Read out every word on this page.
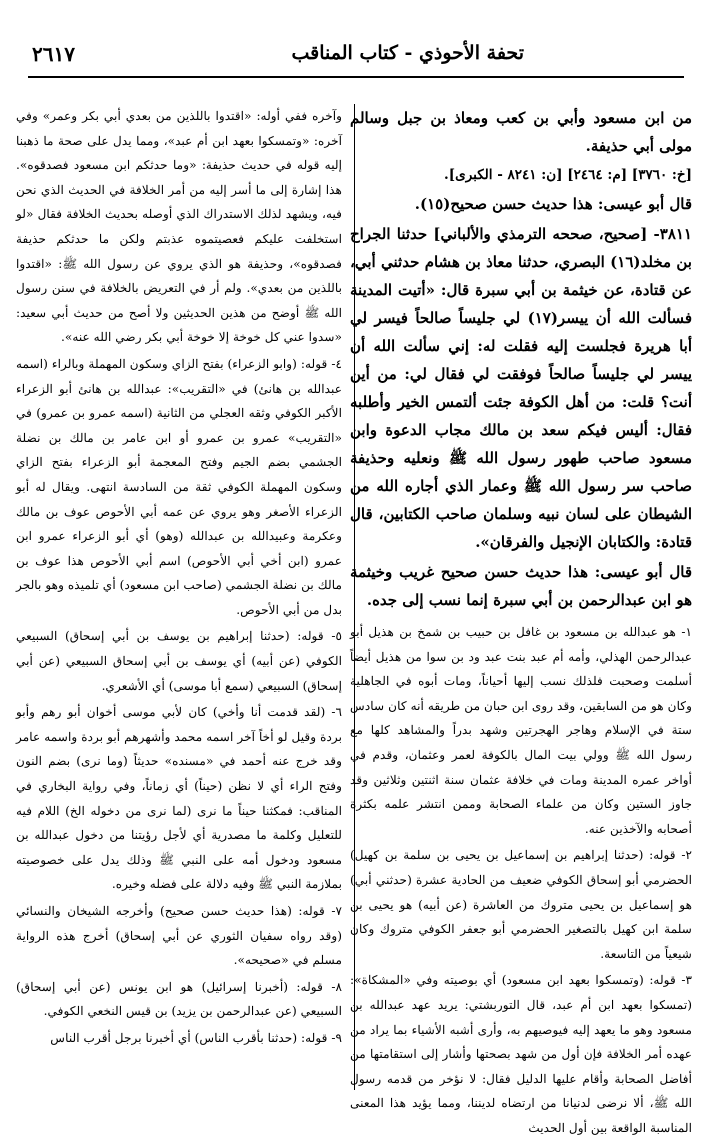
تحفة الأحوذي - كتاب المناقب
٢٦١٧

من ابن مسعود وأبي بن كعب ومعاذ بن جبل وسالم مولى أبي حذيفة.

[خ: ٣٧٦٠] [م: ٢٤٦٤] [ن: ٨٢٤١ - الكبرى].

قال أبو عيسى: هذا حديث حسن صحيح(١٥).

٣٨١١- [صحيح، صححه الترمذي والألباني] حدثنا الجراح بن مخلد(١٦) البصري، حدثنا معاذ بن هشام حدثني أبي، عن قتادة، عن خيثمة بن أبي سبرة قال: «أتيت المدينة فسألت الله أن ييسر(١٧) لي جليساً صالحاً فيسر لي أبا هريرة فجلست إليه فقلت له: إني سألت الله أن ييسر لي جليساً صالحاً فوفقت لي فقال لي: من أين أنت؟ قلت: من أهل الكوفة جئت ألتمس الخير وأطلبه فقال: أليس فيكم سعد بن مالك مجاب الدعوة وابن مسعود صاحب طهور رسول الله ﷺ ونعليه وحذيفة صاحب سر رسول الله ﷺ وعمار الذي أجاره الله من الشيطان على لسان نبيه وسلمان صاحب الكتابين، قال قتادة: والكتابان الإنجيل والفرقان».

قال أبو عيسى: هذا حديث حسن صحيح غريب وخيثمة هو ابن عبدالرحمن بن أبي سبرة إنما نسب إلى جده.

١- هو عبدالله بن مسعود بن غافل بن حبيب بن شمخ بن هذيل أبو عبدالرحمن الهذلي، وأمه أم عبد بنت عبد ود بن سوا من هذيل أيضاً أسلمت وصحبت فلذلك نسب إليها أحياناً، ومات أبوه في الجاهلية وكان هو من السابقين، وقد روى ابن حبان من طريقه أنه كان سادس ستة في الإسلام وهاجر الهجرتين وشهد بدراً والمشاهد كلها مع رسول الله ﷺ وولي بيت المال بالكوفة لعمر وعثمان، وقدم في أواخر عمره المدينة ومات في خلافة عثمان سنة اثنتين وثلاثين وقد جاوز الستين وكان من علماء الصحابة وممن انتشر علمه بكثرة أصحابه والآخذين عنه.

٢- قوله: (حدثنا إبراهيم بن إسماعيل بن يحيى بن سلمة بن كهيل) الحضرمي أبو إسحاق الكوفي ضعيف من الحادية عشرة (حدثني أبي) هو إسماعيل بن يحيى متروك من العاشرة (عن أبيه) هو يحيى بن سلمة ابن كهيل بالتصغير الحضرمي أبو جعفر الكوفي متروك وكان شيعياً من التاسعة.

٣- قوله: (وتمسكوا بعهد ابن مسعود) أي بوصيته وفي «المشكاة»: (تمسكوا بعهد ابن أم عبد، قال التوربشتي: يريد عهد عبدالله بن مسعود وهو ما يعهد إليه فيوصيهم به، وأرى أشبه الأشياء بما يراد من عهده أمر الخلافة فإن أول من شهد بصحتها وأشار إلى استقامتها من أفاضل الصحابة وأقام عليها الدليل فقال: لا نؤخر من قدمه رسول الله ﷺ، ألا نرضى لدنيانا من ارتضاه لديننا، ومما يؤيد هذا المعنى المناسبة الواقعة بين أول الحديث

وآخره ففي أوله: «اقتدوا باللذين من بعدي أبي بكر وعمر» وفي آخره: «وتمسكوا بعهد ابن أم عبد»، ومما يدل على صحة ما ذهبنا إليه قوله في حديث حذيفة: «وما حدثكم ابن مسعود فصدقوه». هذا إشارة إلى ما أسر إليه من أمر الخلافة في الحديث الذي نحن فيه، ويشهد لذلك الاستدراك الذي أوصله بحديث الخلافة فقال «لو استخلفت عليكم فعصيتموه عذبتم ولكن ما حدثكم حذيفة فصدقوه»، وحذيفة هو الذي يروي عن رسول الله ﷺ: «اقتدوا باللذين من بعدي». ولم أر في التعريض بالخلافة في سنن رسول الله ﷺ أوضح من هذين الحديثين ولا أصح من حديث أبي سعيد: «سدوا عني كل خوخة إلا خوخة أبي بكر رضي الله عنه».

٤- قوله: (وابو الزعراء) بفتح الزاي وسكون المهملة وبالراء (اسمه عبدالله بن هانئ) في «التقريب»: عبدالله بن هانئ أبو الزعراء الأكبر الكوفي وثقه العجلي من الثانية (اسمه عمرو بن عمرو) في «التقريب» عمرو بن عمرو أو ابن عامر بن مالك بن نضلة الجشمي بضم الجيم وفتح المعجمة أبو الزعراء بفتح الزاي وسكون المهملة الكوفي ثقة من السادسة انتهى. ويقال له أبو الزعراء الأصغر وهو يروي عن عمه أبي الأحوص عوف بن مالك وعكرمة وعبيدالله بن عبدالله (وهو) أي أبو الزعراء عمرو ابن عمرو (ابن أخي أبي الأحوص) اسم أبي الأحوص هذا عوف بن مالك بن نضلة الجشمي (صاحب ابن مسعود) أي تلميذه وهو بالجر بدل من أبي الأحوص.

٥- قوله: (حدثنا إبراهيم بن يوسف بن أبي إسحاق) السبيعي الكوفي (عن أبيه) أي يوسف بن أبي إسحاق السبيعي (عن أبي إسحاق) السبيعي (سمع أبا موسى) أي الأشعري.

٦- (لقد قدمت أنا وأخي) كان لأبي موسى أخوان أبو رهم وأبو بردة وقيل لو أخاً آخر اسمه محمد وأشهرهم أبو بردة واسمه عامر وقد خرج عنه أحمد في «مسنده» حديثاً (وما نرى) بضم النون وفتح الراء أي لا نظن (حيناً) أي زماناً، وفي رواية البخاري في المناقب: فمكثنا حيناً ما نرى (لما نرى من دخوله الخ) اللام فيه للتعليل وكلمة ما مصدرية أي لأجل رؤيتنا من دخول عبدالله بن مسعود ودخول أمه على النبي ﷺ وذلك يدل على خصوصيته بملازمة النبي ﷺ وفيه دلالة على فضله وخيره.

٧- قوله: (هذا حديث حسن صحيح) وأخرجه الشيخان والنسائي (وقد رواه سفيان الثوري عن أبي إسحاق) أخرج هذه الرواية مسلم في «صحيحه».

٨- قوله: (أخبرنا إسرائيل) هو ابن يونس (عن أبي إسحاق) السبيعي (عن عبدالرحمن بن يزيد) بن قيس النخعي الكوفي.

٩- قوله: (حدثنا بأقرب الناس) أي أخبرنا برجل أقرب الناس
